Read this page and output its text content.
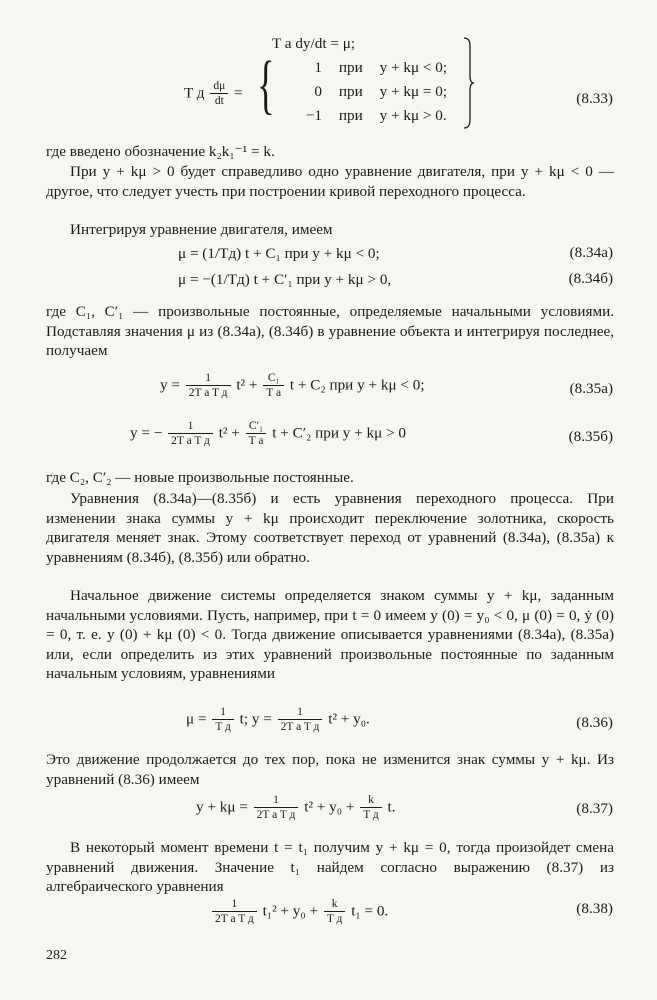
T a dy/dt = μ;
T д $\frac{d\mu}{dt}$ = {	1 при y + kμ < 0;
0 при y + kμ = 0;
−1 при y + kμ > 0.
(8.33)
где введено обозначение k₂k₁⁻¹ = k.
При y + kμ > 0 будет справедливо одно уравнение двигателя, при y + kμ < 0 — другое, что следует учесть при построении кривой переходного процесса.
Интегрируя уравнение двигателя, имеем
μ = (1/Tд) t + C₁ при y + kμ < 0;	(8.34a)
μ = −(1/Tд) t + C′₁ при y + kμ > 0,	(8.34б)
где C₁, C′₁ — произвольные постоянные, определяемые начальными условиями. Подставляя значения μ из (8.34a), (8.34б) в уравнение объекта и интегрируя последнее, получаем
y =	1
2T a T д $t^2 + \frac{\text{C₁}}{\text{T a}}$ t + C₂ при y + kμ < 0;	(8.35a)
y = −	1
2T a T д $t^2 + \frac{\text{C′₁}}{\text{T a}}$ t + C′₂ при y + kμ > 0	(8.35б)
где C₂, C′₂ — новые произвольные постоянные.
Уравнения (8.34a)—(8.35б) и есть уравнения переходного процесса. При изменении знака суммы y + kμ происходит переключение золотника, скорость двигателя меняет знак. Этому соответствует переход от уравнений (8.34a), (8.35a) к уравнениям (8.34б), (8.35б) или обратно.
Начальное движение системы определяется знаком суммы y + kμ, заданным начальными условиями. Пусть, например, при t = 0 имеем y (0) = y₀ < 0, μ (0) = 0, ẏ (0) = 0, т. е. y (0) + kμ (0) < 0. Тогда движение описывается уравнениями (8.34a), (8.35a) или, если определить из этих уравнений произвольные постоянные по заданным начальным условиям, уравнениями
μ =	1
T д t; y =	1
2T a T д t² + y₀.	(8.36)
Это движение продолжается до тех пор, пока не изменится знак суммы y + kμ. Из уравнений (8.36) имеем
y + kμ =	1
2T a T д t² + y₀ +	k
T д t.	(8.37)
В некоторый момент времени t = t₁ получим y + kμ = 0, тогда произойдет смена уравнений движения. Значение t₁ найдем согласно выражению (8.37) из алгебраического уравнения
1
2T a T д t₁² + y₀ +	k
T д t₁ = 0.	(8.38)
282
